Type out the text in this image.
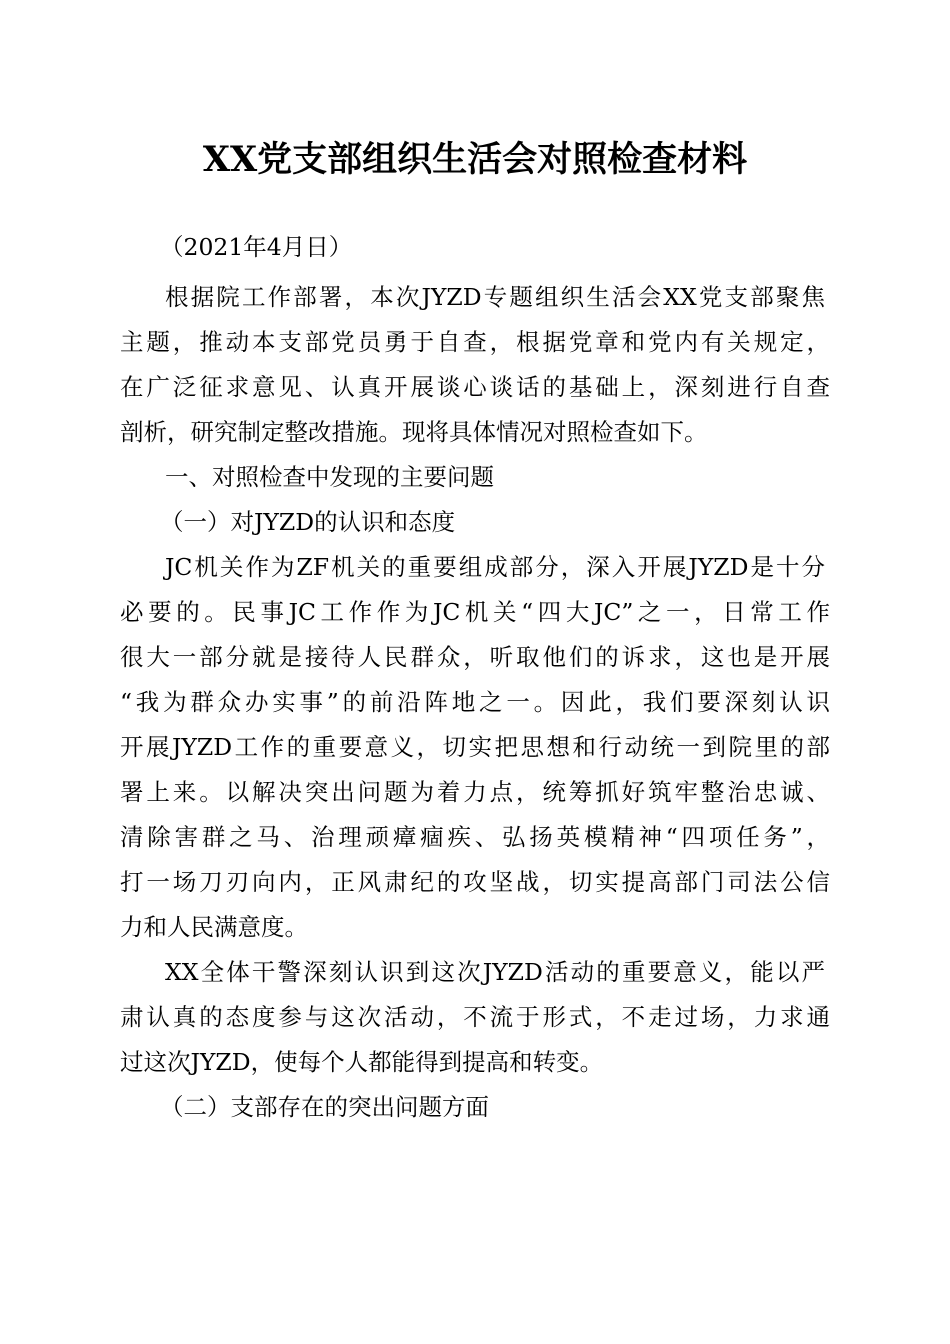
XX党支部组织生活会对照检查材料
（2021年4月日）
根据院工作部署，本次JYZD专题组织生活会XX党支部聚焦
主题，推动本支部党员勇于自查，根据党章和党内有关规定，
在广泛征求意见、认真开展谈心谈话的基础上，深刻进行自查
剖析，研究制定整改措施。现将具体情况对照检查如下。
一、对照检查中发现的主要问题
（一）对JYZD的认识和态度
JC机关作为ZF机关的重要组成部分，深入开展JYZD是十分
必要的。民事JC工作作为JC机关“四大JC”之一，日常工作
很大一部分就是接待人民群众，听取他们的诉求，这也是开展
“我为群众办实事”的前沿阵地之一。因此，我们要深刻认识
开展JYZD工作的重要意义，切实把思想和行动统一到院里的部
署上来。以解决突出问题为着力点，统筹抓好筑牢整治忠诚、
清除害群之马、治理顽瘴痼疾、弘扬英模精神“四项任务”，
打一场刀刃向内，正风肃纪的攻坚战，切实提高部门司法公信
力和人民满意度。
XX全体干警深刻认识到这次JYZD活动的重要意义，能以严
肃认真的态度参与这次活动，不流于形式，不走过场，力求通
过这次JYZD，使每个人都能得到提高和转变。
（二）支部存在的突出问题方面
